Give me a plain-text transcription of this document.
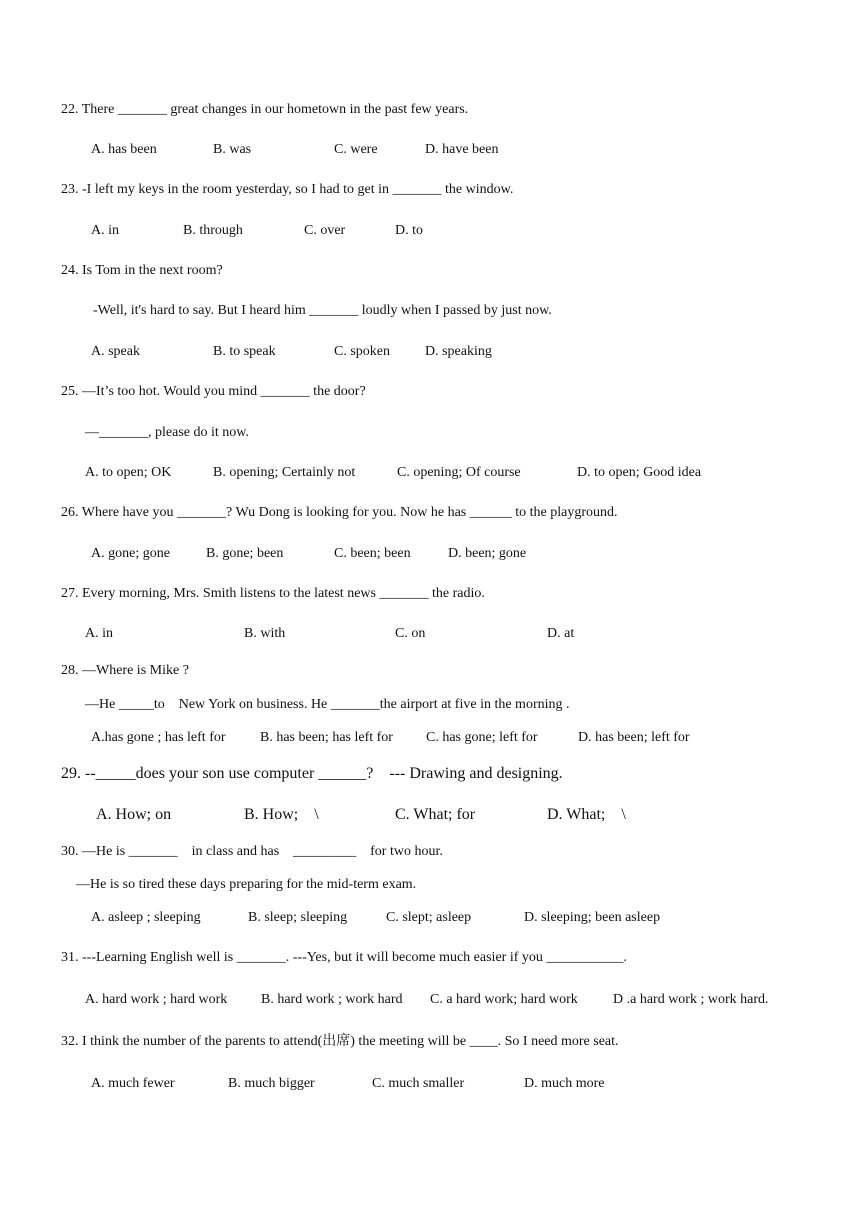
22. There _______ great changes in our hometown in the past few years.
A. has been	B. was	C. were	D. have been
23. -I left my keys in the room yesterday, so I had to get in _______ the window.
A. in	B. through	C. over	D. to
24. Is Tom in the next room?
-Well, it's hard to say. But I heard him _______ loudly when I passed by just now.
A. speak	B. to speak	C. spoken	D. speaking
25. —It’s too hot. Would you mind _______ the door?
—_______, please do it now.
A. to open; OK	B. opening; Certainly not	C. opening; Of course	D. to open; Good idea
26. Where have you _______? Wu Dong is looking for you. Now he has ______ to the playground.
A. gone; gone	B. gone; been	C. been; been	D. been; gone
27. Every morning, Mrs. Smith listens to the latest news _______ the radio.
A. in	B. with	C. on	D. at
28. —Where is Mike ?
—He _____to    New York on business. He _______the airport at five in the morning .
A.has gone ; has left for B. has been; has left for C. has gone; left for	D. has been; left for
29. --_____does your son use computer ______?    --- Drawing and designing.
A. How; on	B. How;    \	C. What; for	D. What;    \
30. —He is _______    in class and has    _________    for two hour.
—He is so tired these days preparing for the mid-term exam.
A. asleep ; sleeping	B. sleep; sleeping	C. slept; asleep	D. sleeping; been asleep
31. ---Learning English well is _______. ---Yes, but it will become much easier if you ___________.
A. hard work ; hard work B. hard work ; work hard C. a hard work; hard work	D .a hard work ; work hard.
32. I think the number of the parents to attend(出席) the meeting will be ____. So I need more seat.
A. much fewer	B. much bigger	C. much smaller	D. much more
